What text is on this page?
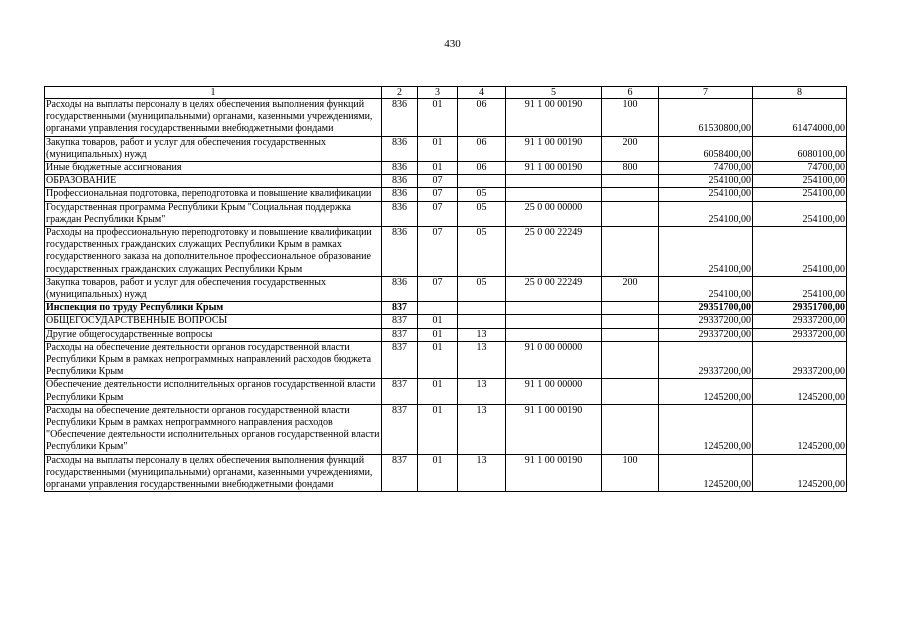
430
1	2	3	4	5	6	7	8
Расходы на выплаты персоналу в целях обеспечения выполнения функций государственными (муниципальными) органами, казенными учреждениями, органами управления государственными внебюджетными фондами	836	01	06	91 1 00 00190	100	61530800,00	61474000,00
Закупка товаров, работ и услуг для обеспечения государственных (муниципальных) нужд	836	01	06	91 1 00 00190	200	6058400,00	6080100,00
Иные бюджетные ассигнования	836	01	06	91 1 00 00190	800	74700,00	74700,00
ОБРАЗОВАНИЕ	836	07				254100,00	254100,00
Профессиональная подготовка, переподготовка и повышение квалификации	836	07	05			254100,00	254100,00
Государственная программа Республики Крым "Социальная поддержка граждан Республики Крым"	836	07	05	25 0 00 00000		254100,00	254100,00
Расходы на профессиональную переподготовку и повышение квалификации государственных гражданских служащих Республики Крым в рамках государственного заказа на дополнительное профессиональное образование государственных гражданских служащих Республики Крым	836	07	05	25 0 00 22249		254100,00	254100,00
Закупка товаров, работ и услуг для обеспечения государственных (муниципальных) нужд	836	07	05	25 0 00 22249	200	254100,00	254100,00
Инспекция по труду Республики Крым	837					29351700,00	29351700,00
ОБЩЕГОСУДАРСТВЕННЫЕ ВОПРОСЫ	837	01				29337200,00	29337200,00
Другие общегосударственные вопросы	837	01	13			29337200,00	29337200,00
Расходы на обеспечение деятельности органов государственной власти Республики Крым в рамках непрограммных направлений расходов бюджета Республики Крым	837	01	13	91 0 00 00000		29337200,00	29337200,00
Обеспечение деятельности исполнительных органов государственной власти Республики Крым	837	01	13	91 1 00 00000		1245200,00	1245200,00
Расходы на обеспечение деятельности органов государственной власти Республики Крым в рамках непрограммного направления расходов "Обеспечение деятельности исполнительных органов государственной власти Республики Крым"	837	01	13	91 1 00 00190		1245200,00	1245200,00
Расходы на выплаты персоналу в целях обеспечения выполнения функций государственными (муниципальными) органами, казенными учреждениями, органами управления государственными внебюджетными фондами	837	01	13	91 1 00 00190	100	1245200,00	1245200,00
